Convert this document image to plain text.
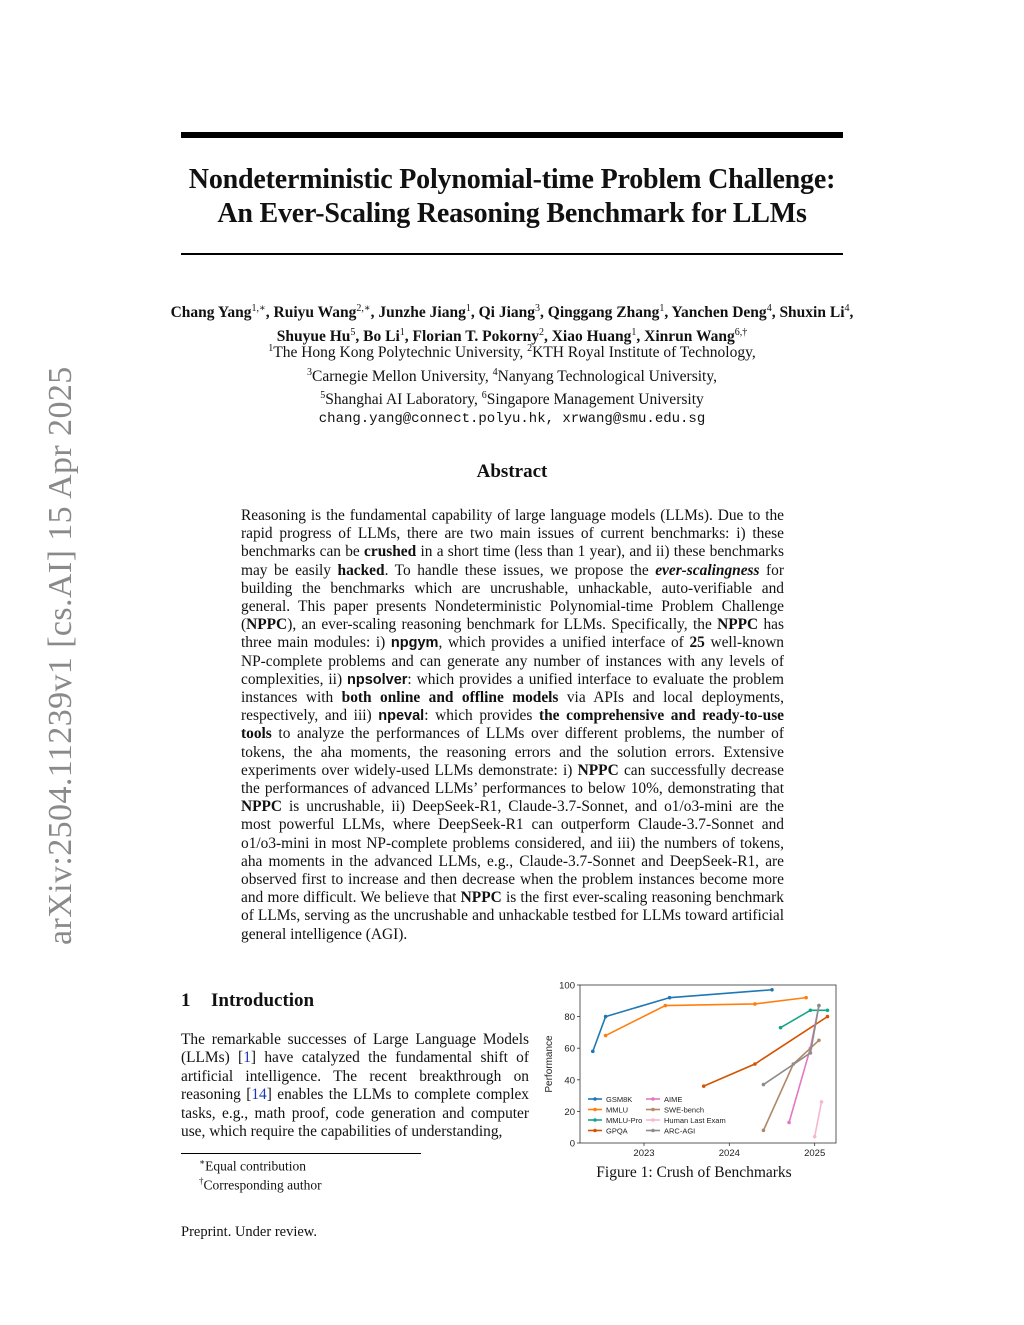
arXiv:2504.11239v1 [cs.AI] 15 Apr 2025
Nondeterministic Polynomial-time Problem Challenge:
An Ever-Scaling Reasoning Benchmark for LLMs
Chang Yang$^{1,∗}$, Ruiyu Wang$^{2,∗}$, Junzhe Jiang$^1$, Qi Jiang$^3$, Qinggang Zhang$^1$, Yanchen Deng$^4$, Shuxin Li$^4$,
Shuyue Hu$^5$, Bo Li$^1$, Florian T. Pokorny$^2$, Xiao Huang$^1$, Xinrun Wang$^{6,\dagger}$
$^1$The Hong Kong Polytechnic University, $^2$KTH Royal Institute of Technology,
$^3$Carnegie Mellon University, $^4$Nanyang Technological University,
$^5$Shanghai AI Laboratory, $^6$Singapore Management University
chang.yang@connect.polyu.hk, xrwang@smu.edu.sg
Abstract
Reasoning is the fundamental capability of large language models (LLMs). Due to the rapid progress of LLMs, there are two main issues of current benchmarks: i) these benchmarks can be crushed in a short time (less than 1 year), and ii) these benchmarks may be easily hacked. To handle these issues, we propose the ever-scalingness for building the benchmarks which are uncrushable, unhackable, auto-verifiable and general. This paper presents Nondeterministic Polynomial-time Problem Challenge (NPPC), an ever-scaling reasoning benchmark for LLMs. Specifically, the NPPC has three main modules: i) npgym, which provides a unified interface of 25 well-known NP-complete problems and can generate any number of instances with any levels of complexities, ii) npsolver: which provides a unified interface to evaluate the problem instances with both online and offline models via APIs and local deployments, respectively, and iii) npeval: which provides the comprehensive and ready-to-use tools to analyze the performances of LLMs over different problems, the number of tokens, the aha moments, the reasoning errors and the solution errors. Extensive experiments over widely-used LLMs demonstrate: i) NPPC can successfully decrease the performances of advanced LLMs’ performances to below 10%, demonstrating that NPPC is uncrushable, ii) DeepSeek-R1, Claude-3.7-Sonnet, and o1/o3-mini are the most powerful LLMs, where DeepSeek-R1 can outperform Claude-3.7-Sonnet and o1/o3-mini in most NP-complete problems considered, and iii) the numbers of tokens, aha moments in the advanced LLMs, e.g., Claude-3.7-Sonnet and DeepSeek-R1, are observed first to increase and then decrease when the problem instances become more and more difficult. We believe that NPPC is the first ever-scaling reasoning benchmark of LLMs, serving as the uncrushable and unhackable testbed for LLMs toward artificial general intelligence (AGI).
1 Introduction
The remarkable successes of Large Language Models (LLMs) [1] have catalyzed the fundamental shift of artificial intelligence. The recent breakthrough on reasoning [14] enables the LLMs to complete complex tasks, e.g., math proof, code generation and computer use, which require the capabilities of understanding,
0
20
40
60
80
100
2023	2024	2025
Performance
GSM8K
MMLU
MMLU-Pro
GPQA
AIME
SWE-bench
Human Last Exam
ARC-AGI
Figure 1: Crush of Benchmarks
∗Equal contribution
†Corresponding author
Preprint. Under review.
